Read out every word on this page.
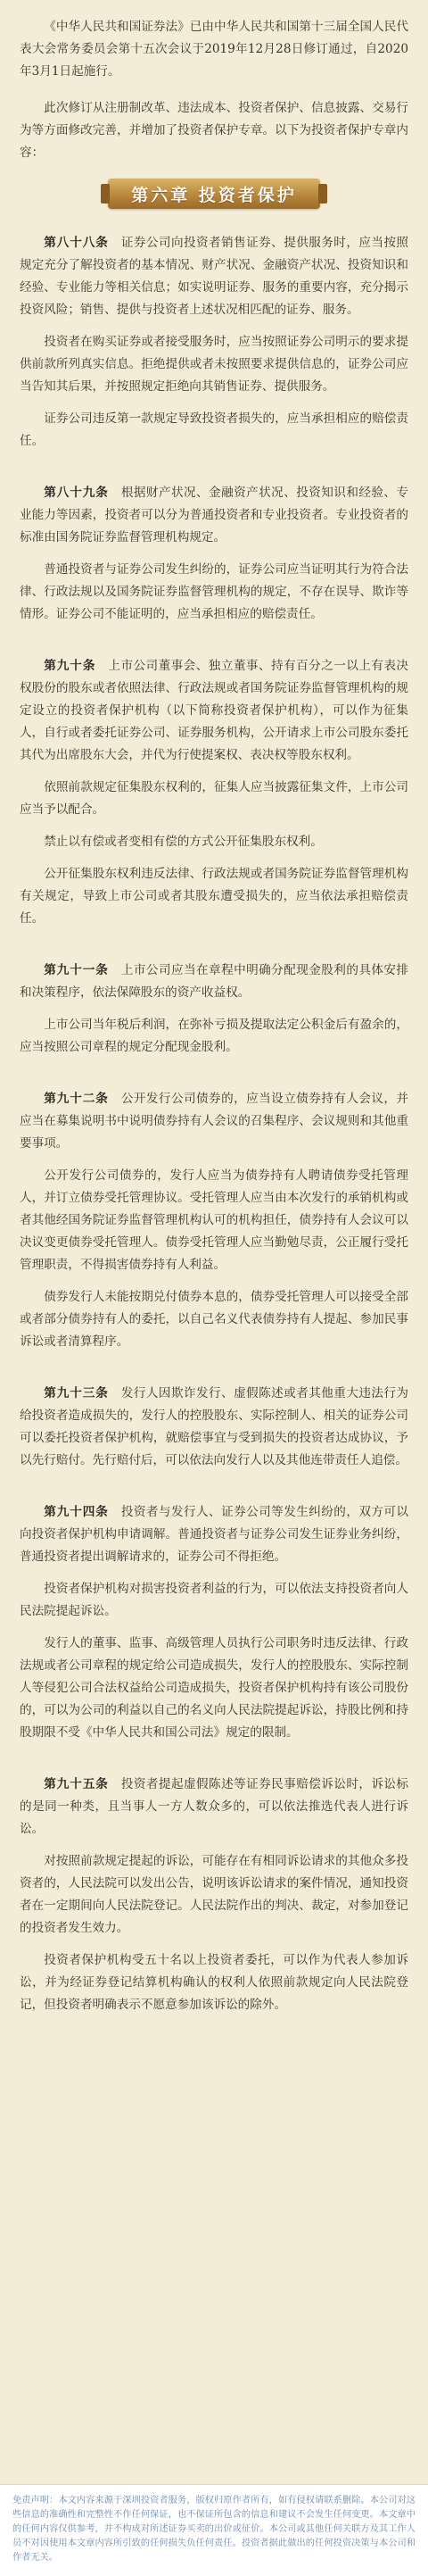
《中华人民共和国证券法》已由中华人民共和国第十三届全国人民代表大会常务委员会第十五次会议于2019年12月28日修订通过，自2020年3月1日起施行。

此次修订从注册制改革、违法成本、投资者保护、信息披露、交易行为等方面修改完善，并增加了投资者保护专章。以下为投资者保护专章内容：

第六章 投资者保护

第八十八条　 证券公司向投资者销售证券、提供服务时，应当按照规定充分了解投资者的基本情况、财产状况、金融资产状况、投资知识和经验、专业能力等相关信息；如实说明证券、服务的重要内容，充分揭示投资风险；销售、提供与投资者上述状况相匹配的证券、服务。

投资者在购买证券或者接受服务时，应当按照证券公司明示的要求提供前款所列真实信息。拒绝提供或者未按照要求提供信息的，证券公司应当告知其后果，并按照规定拒绝向其销售证券、提供服务。

证券公司违反第一款规定导致投资者损失的，应当承担相应的赔偿责任。

第八十九条　 根据财产状况、金融资产状况、投资知识和经验、专业能力等因素，投资者可以分为普通投资者和专业投资者。专业投资者的标准由国务院证券监督管理机构规定。

普通投资者与证券公司发生纠纷的，证券公司应当证明其行为符合法律、行政法规以及国务院证券监督管理机构的规定，不存在误导、欺诈等情形。证券公司不能证明的，应当承担相应的赔偿责任。

第九十条　 上市公司董事会、独立董事、持有百分之一以上有表决权股份的股东或者依照法律、行政法规或者国务院证券监督管理机构的规定设立的投资者保护机构（以下简称投资者保护机构），可以作为征集人，自行或者委托证券公司、证券服务机构，公开请求上市公司股东委托其代为出席股东大会，并代为行使提案权、表决权等股东权利。

依照前款规定征集股东权利的，征集人应当披露征集文件，上市公司应当予以配合。

禁止以有偿或者变相有偿的方式公开征集股东权利。

公开征集股东权利违反法律、行政法规或者国务院证券监督管理机构有关规定，导致上市公司或者其股东遭受损失的，应当依法承担赔偿责任。

第九十一条　 上市公司应当在章程中明确分配现金股利的具体安排和决策程序，依法保障股东的资产收益权。

上市公司当年税后利润，在弥补亏损及提取法定公积金后有盈余的，应当按照公司章程的规定分配现金股利。

第九十二条　 公开发行公司债券的，应当设立债券持有人会议，并应当在募集说明书中说明债券持有人会议的召集程序、会议规则和其他重要事项。

公开发行公司债券的，发行人应当为债券持有人聘请债券受托管理人，并订立债券受托管理协议。受托管理人应当由本次发行的承销机构或者其他经国务院证券监督管理机构认可的机构担任，债券持有人会议可以决议变更债券受托管理人。债券受托管理人应当勤勉尽责，公正履行受托管理职责，不得损害债券持有人利益。

债券发行人未能按期兑付债券本息的，债券受托管理人可以接受全部或者部分债券持有人的委托，以自己名义代表债券持有人提起、参加民事诉讼或者清算程序。

第九十三条　 发行人因欺诈发行、虚假陈述或者其他重大违法行为给投资者造成损失的，发行人的控股股东、实际控制人、相关的证券公司可以委托投资者保护机构，就赔偿事宜与受到损失的投资者达成协议，予以先行赔付。先行赔付后，可以依法向发行人以及其他连带责任人追偿。

第九十四条　 投资者与发行人、证券公司等发生纠纷的，双方可以向投资者保护机构申请调解。普通投资者与证券公司发生证券业务纠纷，普通投资者提出调解请求的，证券公司不得拒绝。

投资者保护机构对损害投资者利益的行为，可以依法支持投资者向人民法院提起诉讼。

发行人的董事、监事、高级管理人员执行公司职务时违反法律、行政法规或者公司章程的规定给公司造成损失，发行人的控股股东、实际控制人等侵犯公司合法权益给公司造成损失，投资者保护机构持有该公司股份的，可以为公司的利益以自己的名义向人民法院提起诉讼，持股比例和持股期限不受《中华人民共和国公司法》规定的限制。

第九十五条　 投资者提起虚假陈述等证券民事赔偿诉讼时，诉讼标的是同一种类，且当事人一方人数众多的，可以依法推选代表人进行诉讼。

对按照前款规定提起的诉讼，可能存在有相同诉讼请求的其他众多投资者的，人民法院可以发出公告，说明该诉讼请求的案件情况，通知投资者在一定期间向人民法院登记。人民法院作出的判决、裁定，对参加登记的投资者发生效力。

投资者保护机构受五十名以上投资者委托，可以作为代表人参加诉讼，并为经证券登记结算机构确认的权利人依照前款规定向人民法院登记，但投资者明确表示不愿意参加该诉讼的除外。

免责声明：本文内容来源于深圳投资者服务，版权归原作者所有，如有侵权请联系删除。本公司对这些信息的准确性和完整性不作任何保证，也不保证所包含的信息和建议不会发生任何变更。本文章中的任何内容仅供参考，并不构成对所述证券买卖的出价或征价。本公司或其他任何关联方及其工作人员不对因使用本文章内容所引致的任何损失负任何责任。投资者据此做出的任何投资决策与本公司和作者无关。
